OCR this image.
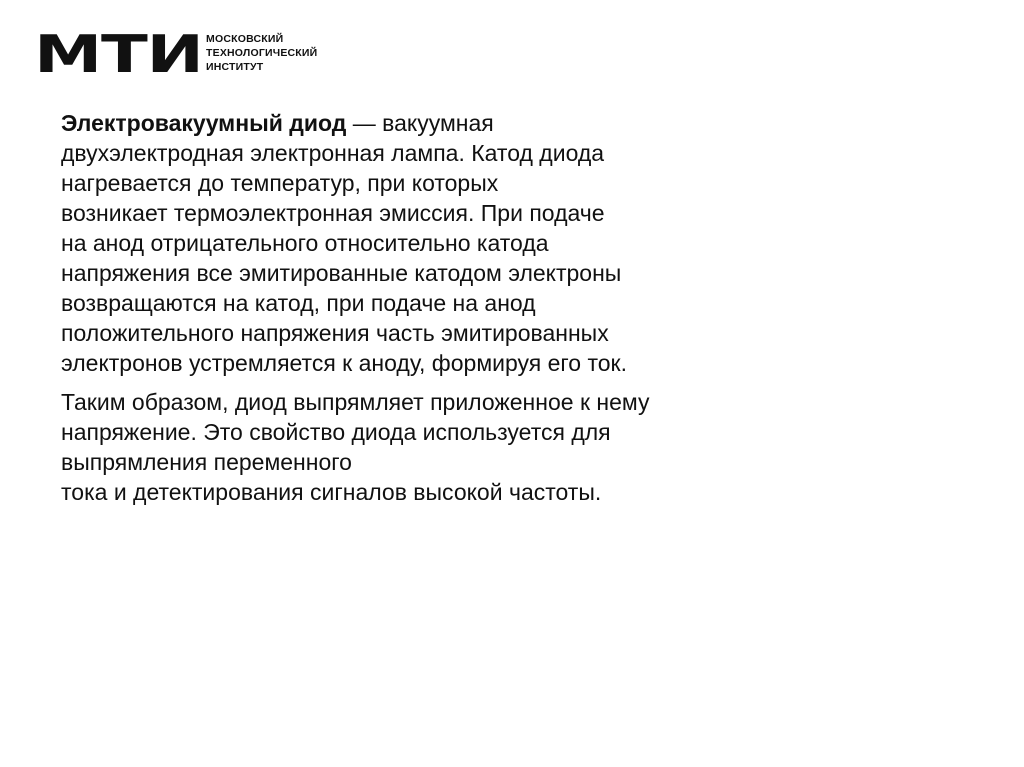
МТИ МОСКОВСКИЙ
ТЕХНОЛОГИЧЕСКИЙ
ИНСТИТУТ

Электровакуумный диод — вакуумная
двухэлектродная электронная лампа. Катод диода
нагревается до температур, при которых
возникает термоэлектронная эмиссия. При подаче
на анод отрицательного относительно катода
напряжения все эмитированные катодом электроны
возвращаются на катод, при подаче на анод
положительного напряжения часть эмитированных
электронов устремляется к аноду, формируя его ток.

Таким образом, диод выпрямляет приложенное к нему
напряжение. Это свойство диода используется для
выпрямления переменного
тока и детектирования сигналов высокой частоты.
